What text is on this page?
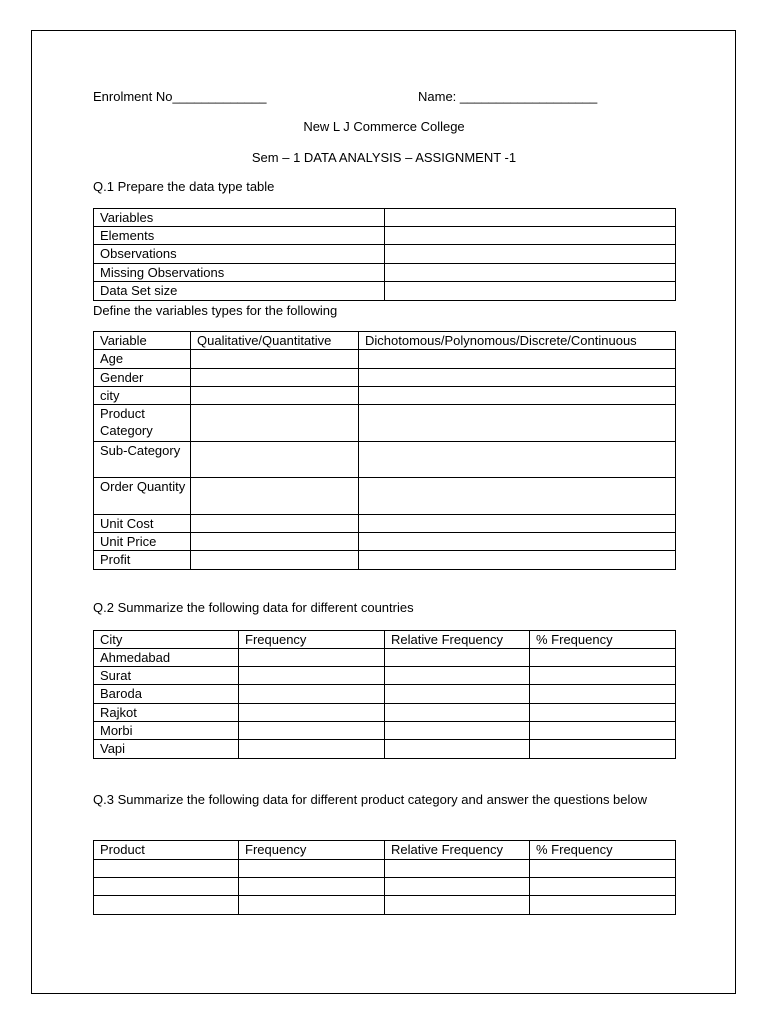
Enrolment No_____________	Name: ___________________
New L J Commerce College
Sem – 1 DATA ANALYSIS – ASSIGNMENT -1
Q.1 Prepare the data type table
Variables	
Elements	
Observations	
Missing Observations	
Data Set size	
Define the variables types for the following
Variable	Qualitative/Quantitative	Dichotomous/Polynomous/Discrete/Continuous
Age		
Gender		
city		
Product Category		
Sub-Category		
Order Quantity		
Unit Cost		
Unit Price		
Profit		
Q.2 Summarize the following data for different countries
City	Frequency	Relative Frequency	% Frequency
Ahmedabad			
Surat			
Baroda			
Rajkot			
Morbi			
Vapi			
Q.3 Summarize the following data for different product category and answer the questions below
Product	Frequency	Relative Frequency	% Frequency
